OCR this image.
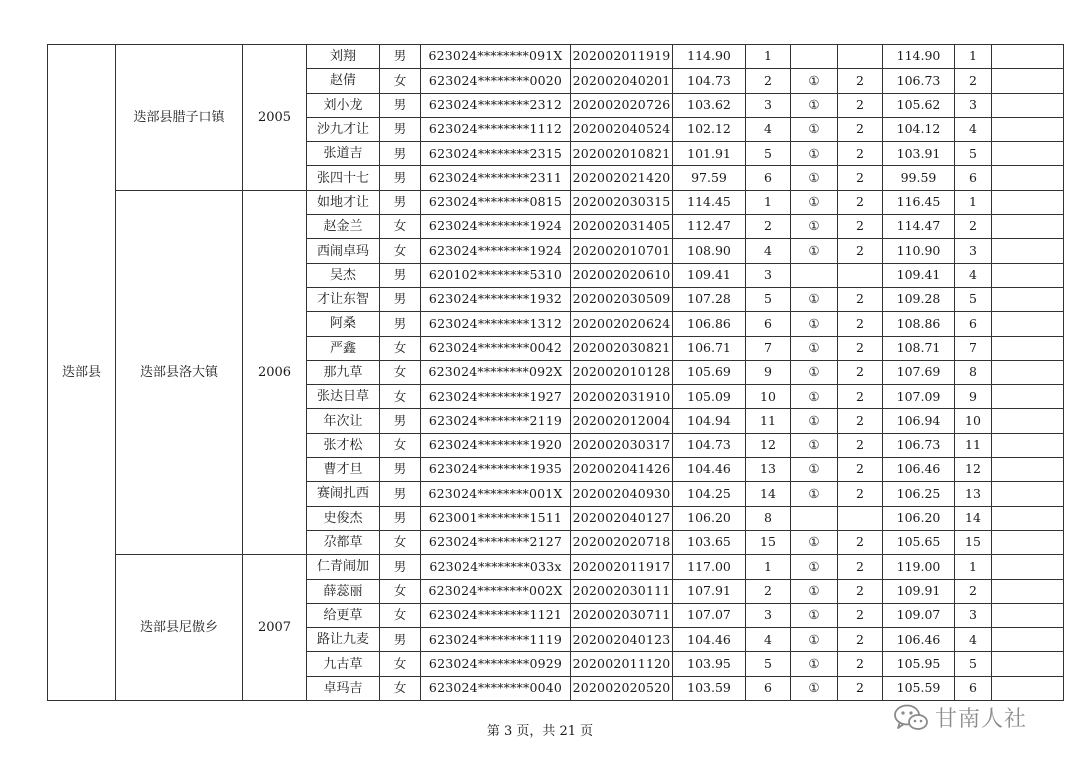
迭部县	迭部县腊子口镇	2005	刘翔	男	623024********091X	202002011919	114.90	1			114.90	1	
			赵倩	女	623024********0020	202002040201	104.73	2	①	2	106.73	2	
			刘小龙	男	623024********2312	202002020726	103.62	3	①	2	105.62	3	
			沙九才让	男	623024********1112	202002040524	102.12	4	①	2	104.12	4	
			张道吉	男	623024********2315	202002010821	101.91	5	①	2	103.91	5	
			张四十七	男	623024********2311	202002021420	97.59	6	①	2	99.59	6	
	迭部县洛大镇	2006	如地才让	男	623024********0815	202002030315	114.45	1	①	2	116.45	1	
			赵金兰	女	623024********1924	202002031405	112.47	2	①	2	114.47	2	
			西闹卓玛	女	623024********1924	202002010701	108.90	4	①	2	110.90	3	
			吴杰	男	620102********5310	202002020610	109.41	3			109.41	4	
			才让东智	男	623024********1932	202002030509	107.28	5	①	2	109.28	5	
			阿桑	男	623024********1312	202002020624	106.86	6	①	2	108.86	6	
			严鑫	女	623024********0042	202002030821	106.71	7	①	2	108.71	7	
			那九草	女	623024********092X	202002010128	105.69	9	①	2	107.69	8	
			张达日草	女	623024********1927	202002031910	105.09	10	①	2	107.09	9	
			年次让	男	623024********2119	202002012004	104.94	11	①	2	106.94	10	
			张才松	女	623024********1920	202002030317	104.73	12	①	2	106.73	11	
			曹才旦	男	623024********1935	202002041426	104.46	13	①	2	106.46	12	
			赛闹扎西	男	623024********001X	202002040930	104.25	14	①	2	106.25	13	
			史俊杰	男	623001********1511	202002040127	106.20	8			106.20	14	
			尕都草	女	623024********2127	202002020718	103.65	15	①	2	105.65	15	
	迭部县尼傲乡	2007	仁青闹加	男	623024********033x	202002011917	117.00	1	①	2	119.00	1	
			薛蕊丽	女	623024********002X	202002030111	107.91	2	①	2	109.91	2	
			给更草	女	623024********1121	202002030711	107.07	3	①	2	109.07	3	
			路让九麦	男	623024********1119	202002040123	104.46	4	①	2	106.46	4	
			九古草	女	623024********0929	202002011120	103.95	5	①	2	105.95	5	
			卓玛吉	女	623024********0040	202002020520	103.59	6	①	2	105.59	6	
第 3 页，共 21 页	甘南人社
